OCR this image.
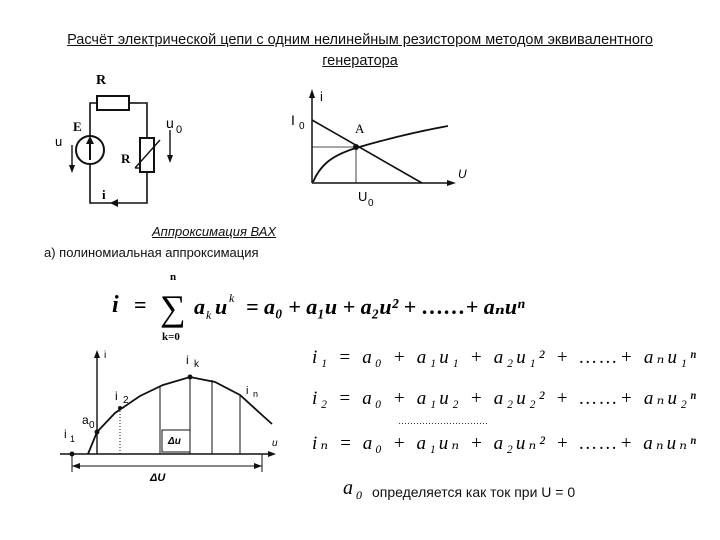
Расчёт электрической цепи с одним нелинейным резистором методом эквивалентного
генератора
R
E
u
u 0
R
i
i
I 0	A
U
U 0
Аппроксимация ВАХ
а) полиномиальная аппроксимация
i =
n
∑
k=0
a k u k = a₀ + a₁u + a₂u² + ……+ aₙuⁿ
i	i k
i 2
i n
a 0
i 1	u
Δu
ΔU
i₁ = a₀ + a₁u₁ + a₂u₁² + ……+ aₙu₁ⁿ
i₂ = a₀ + a₁u₂ + a₂u₂² + ……+ aₙu₂ⁿ
…………………………
iₙ = a₀ + a₁uₙ + a₂uₙ² + ……+ aₙuₙⁿ
a 0 определяется как ток при U = 0
